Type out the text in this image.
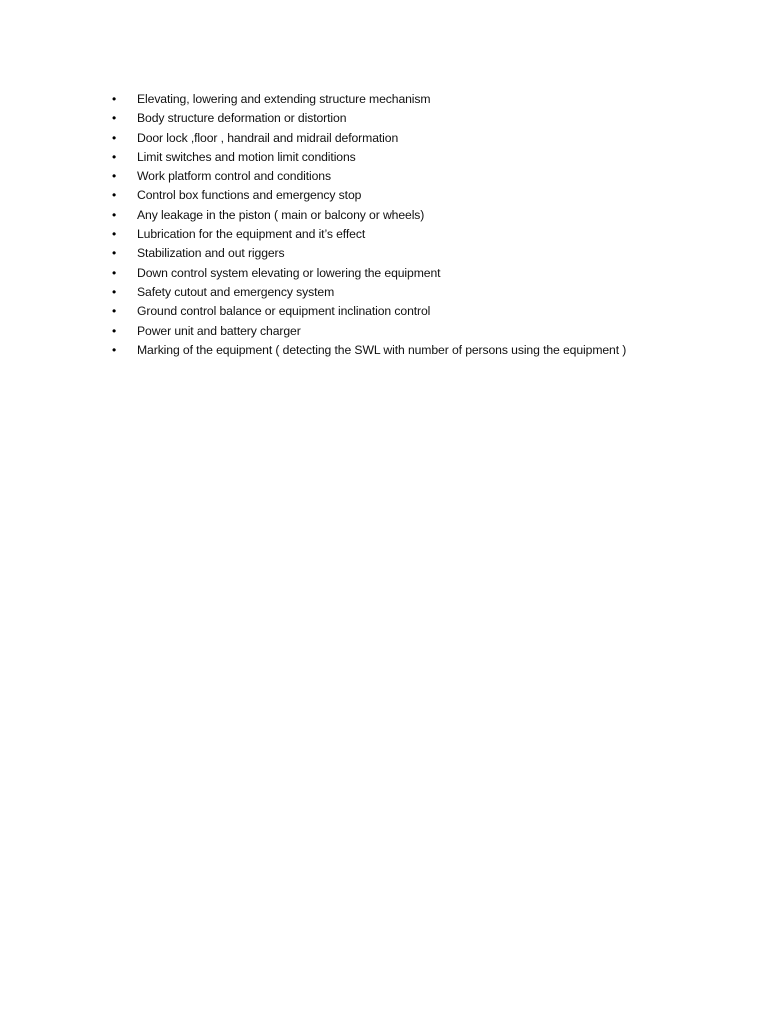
•	Elevating, lowering and extending structure mechanism
•	Body structure deformation or distortion
•	Door lock ,floor , handrail and midrail deformation
•	Limit switches and motion limit conditions
•	Work platform control and conditions
•	Control box functions and emergency stop
•	Any leakage in the piston ( main or balcony or wheels)
•	Lubrication for the equipment and it’s effect
•	Stabilization and out riggers
•	Down control system elevating or lowering the equipment
•	Safety cutout and emergency system
•	Ground control balance or equipment inclination control
•	Power unit and battery charger
•	Marking of the equipment ( detecting the SWL with number of persons using the equipment )
